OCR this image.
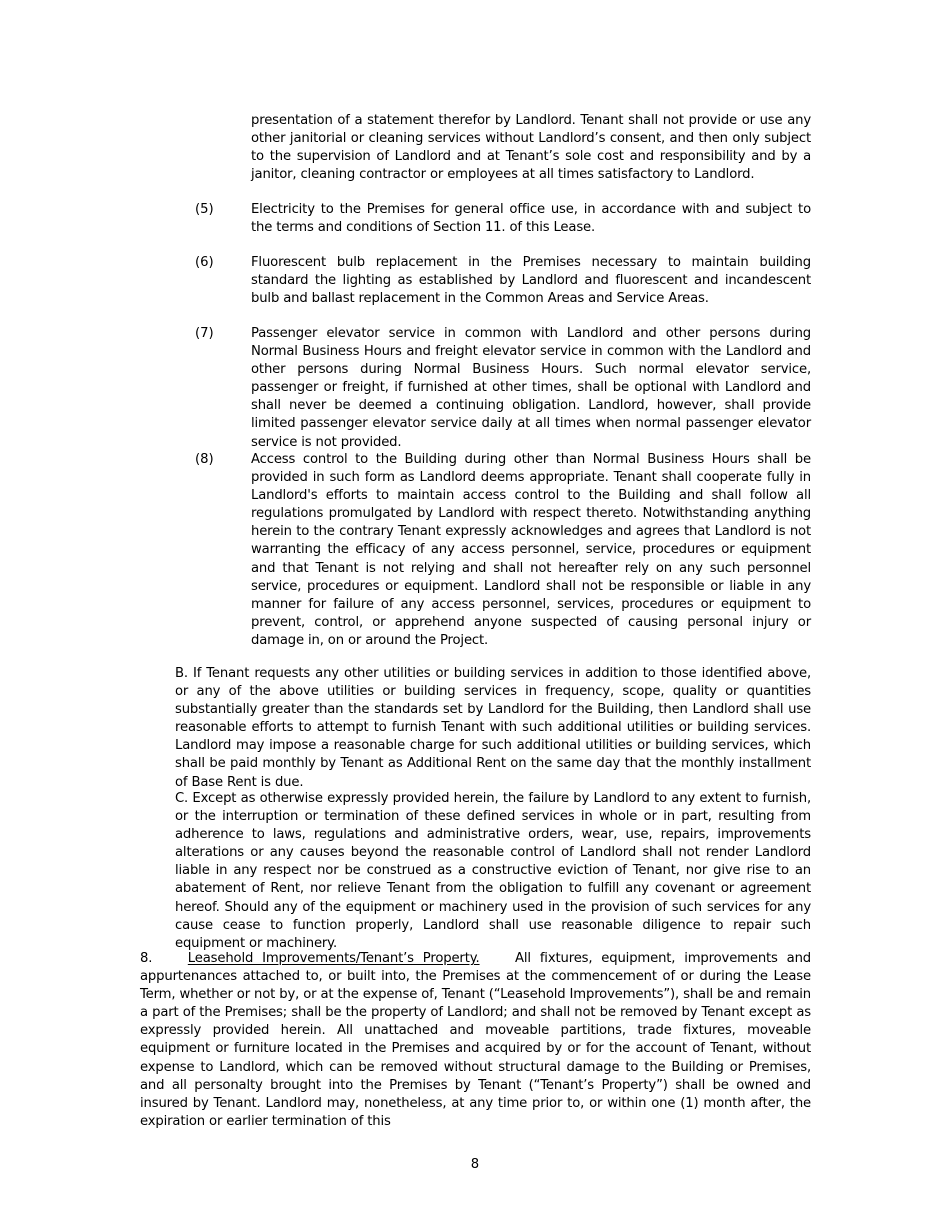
presentation of a statement therefor by Landlord. Tenant shall not provide or use any other janitorial or cleaning services without Landlord’s consent, and then only subject to the supervision of Landlord and at Tenant’s sole cost and responsibility and by a janitor, cleaning contractor or employees at all times satisfactory to Landlord.

(5)	Electricity to the Premises for general office use, in accordance with and subject to the terms and conditions of Section 11. of this Lease.

(6)	Fluorescent bulb replacement in the Premises necessary to maintain building standard the lighting as established by Landlord and fluorescent and incandescent bulb and ballast replacement in the Common Areas and Service Areas.

(7)	Passenger elevator service in common with Landlord and other persons during Normal Business Hours and freight elevator service in common with the Landlord and other persons during Normal Business Hours. Such normal elevator service, passenger or freight, if furnished at other times, shall be optional with Landlord and shall never be deemed a continuing obligation. Landlord, however, shall provide limited passenger elevator service daily at all times when normal passenger elevator service is not provided.

(8)	Access control to the Building during other than Normal Business Hours shall be provided in such form as Landlord deems appropriate. Tenant shall cooperate fully in Landlord's efforts to maintain access control to the Building and shall follow all regulations promulgated by Landlord with respect thereto. Notwithstanding anything herein to the contrary Tenant expressly acknowledges and agrees that Landlord is not warranting the efficacy of any access personnel, service, procedures or equipment and that Tenant is not relying and shall not hereafter rely on any such personnel service, procedures or equipment. Landlord shall not be responsible or liable in any manner for failure of any access personnel, services, procedures or equipment to prevent, control, or apprehend anyone suspected of causing personal injury or damage in, on or around the Project.

B. If Tenant requests any other utilities or building services in addition to those identified above, or any of the above utilities or building services in frequency, scope, quality or quantities substantially greater than the standards set by Landlord for the Building, then Landlord shall use reasonable efforts to attempt to furnish Tenant with such additional utilities or building services. Landlord may impose a reasonable charge for such additional utilities or building services, which shall be paid monthly by Tenant as Additional Rent on the same day that the monthly installment of Base Rent is due.

C. Except as otherwise expressly provided herein, the failure by Landlord to any extent to furnish, or the interruption or termination of these defined services in whole or in part, resulting from adherence to laws, regulations and administrative orders, wear, use, repairs, improvements alterations or any causes beyond the reasonable control of Landlord shall not render Landlord liable in any respect nor be construed as a constructive eviction of Tenant, nor give rise to an abatement of Rent, nor relieve Tenant from the obligation to fulfill any covenant or agreement hereof. Should any of the equipment or machinery used in the provision of such services for any cause cease to function properly, Landlord shall use reasonable diligence to repair such equipment or machinery.

8.	Leasehold Improvements/Tenant’s Property.	All fixtures, equipment, improvements and appurtenances attached to, or built into, the Premises at the commencement of or during the Lease Term, whether or not by, or at the expense of, Tenant (“Leasehold Improvements”), shall be and remain a part of the Premises; shall be the property of Landlord; and shall not be removed by Tenant except as expressly provided herein. All unattached and moveable partitions, trade fixtures, moveable equipment or furniture located in the Premises and acquired by or for the account of Tenant, without expense to Landlord, which can be removed without structural damage to the Building or Premises, and all personalty brought into the Premises by Tenant (“Tenant’s Property”) shall be owned and insured by Tenant. Landlord may, nonetheless, at any time prior to, or within one (1) month after, the expiration or earlier termination of this

8
